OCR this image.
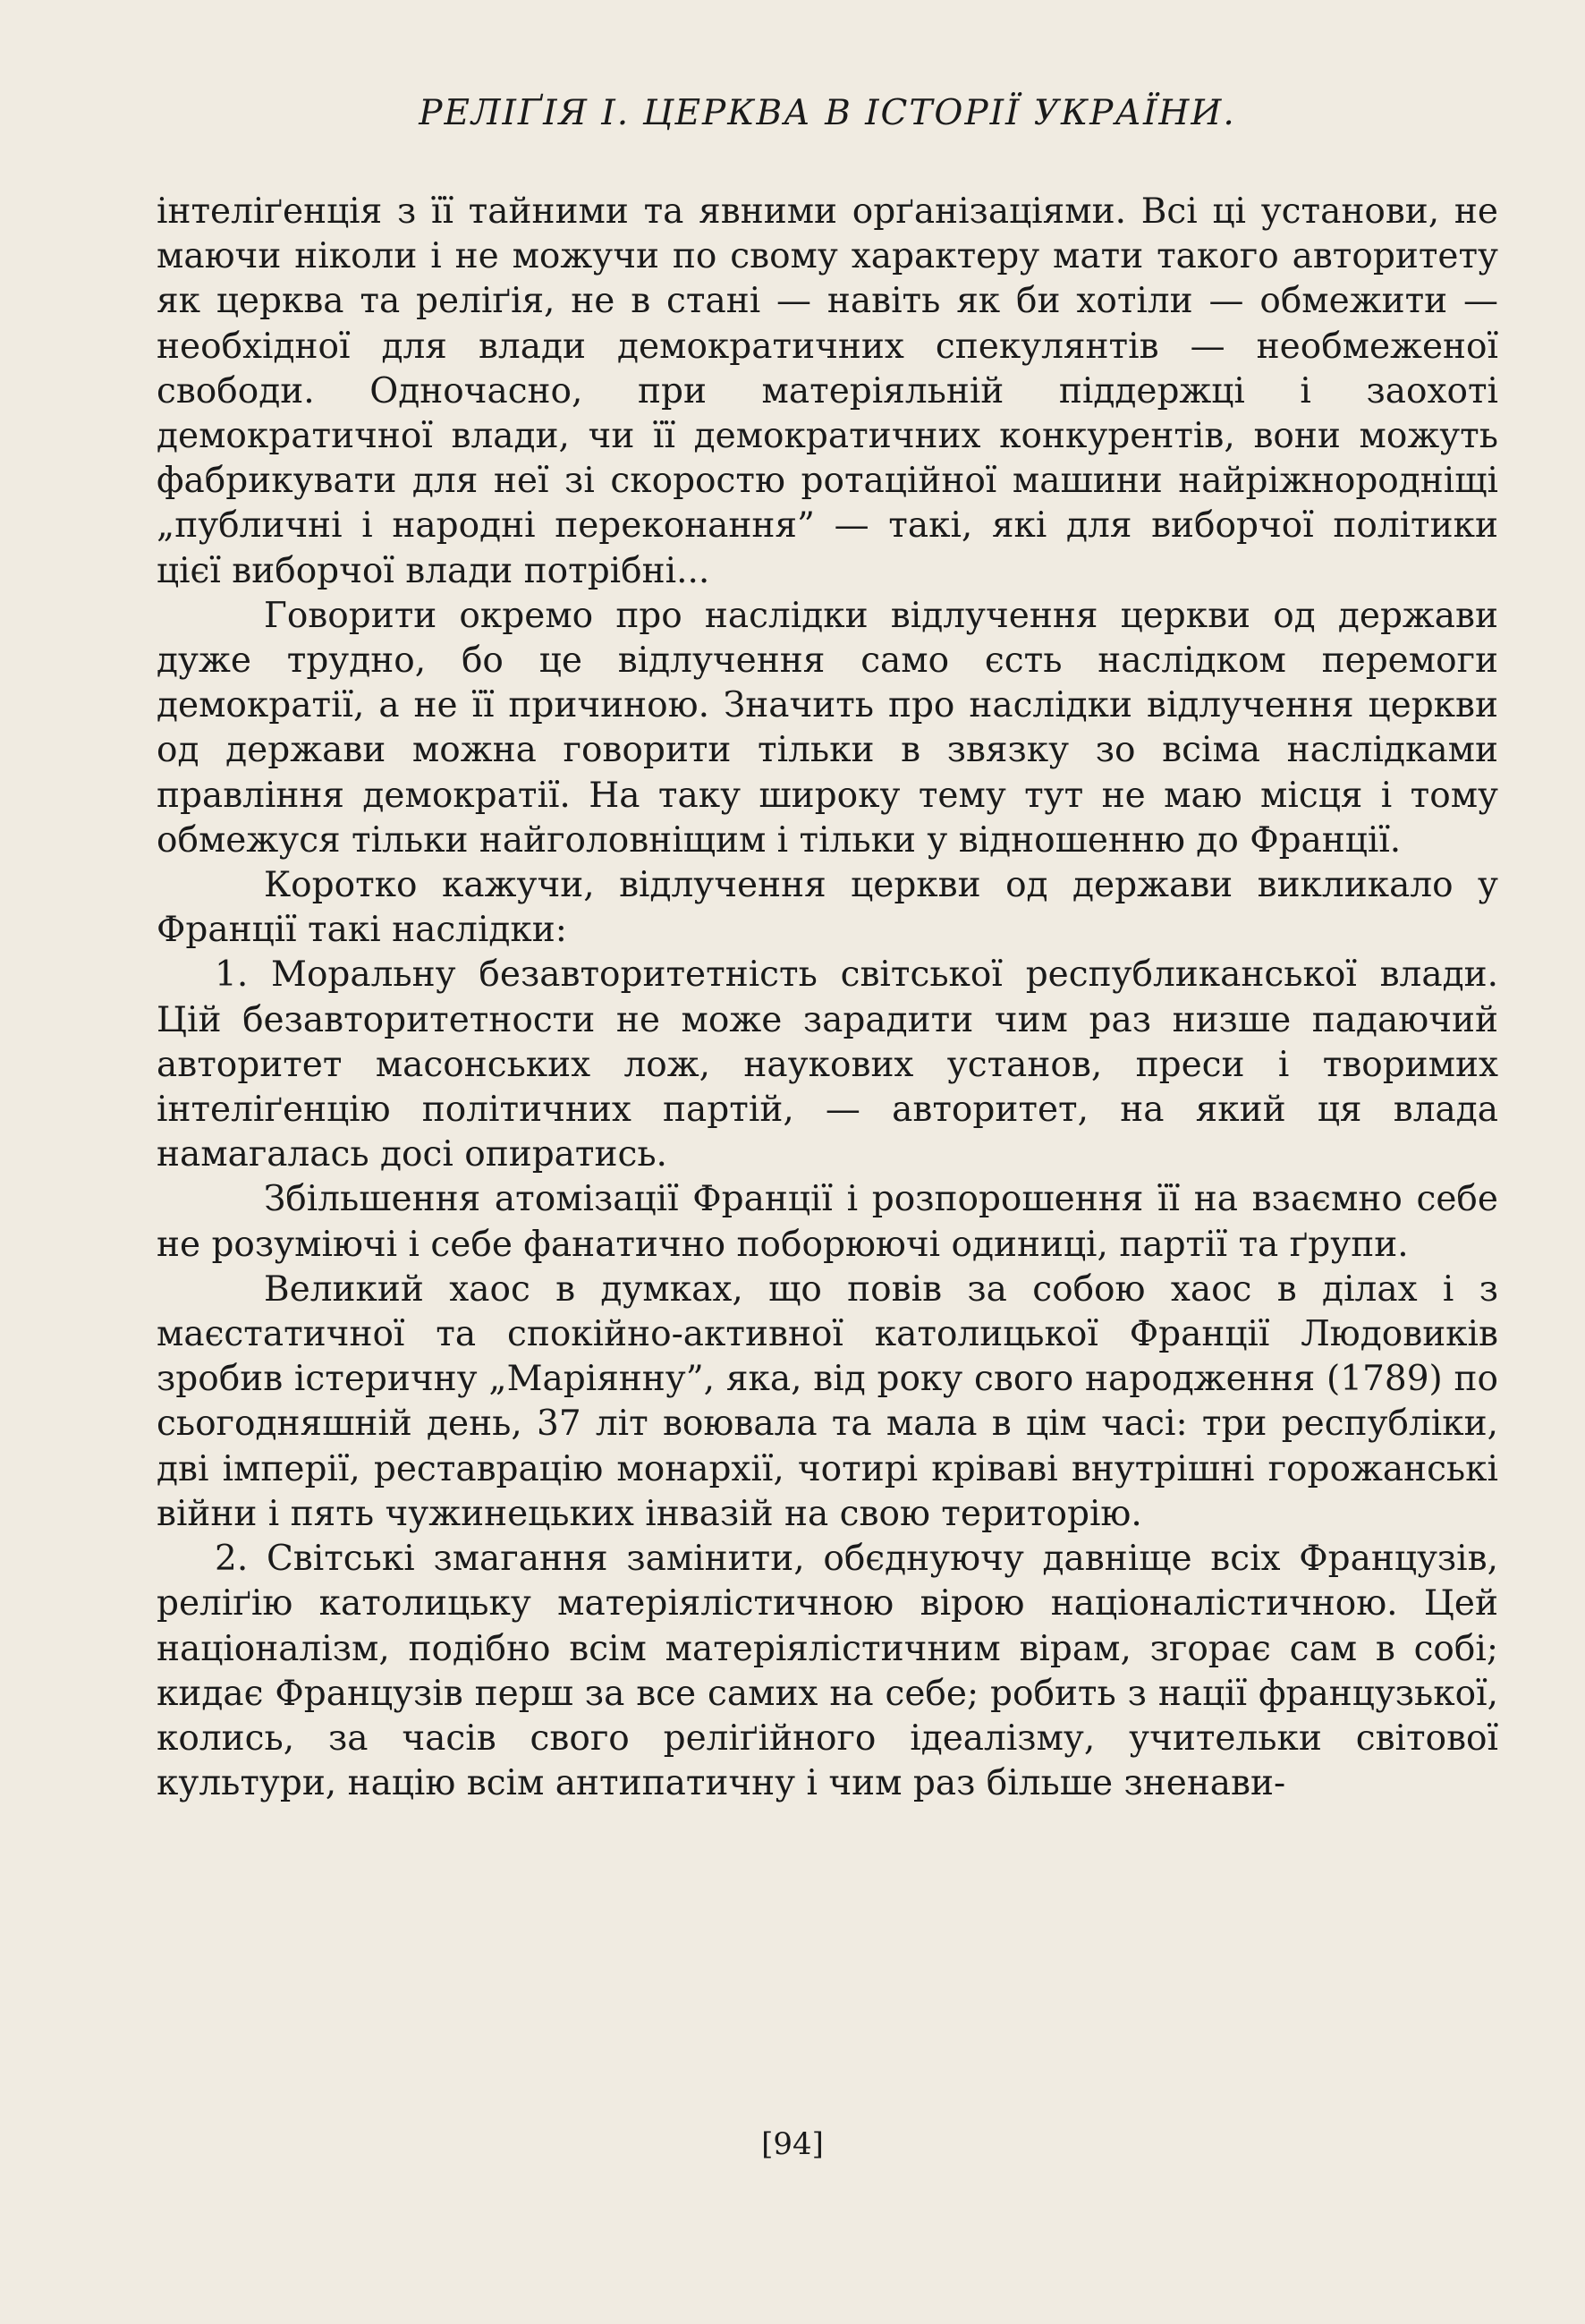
РЕЛІҐІЯ І. ЦЕРКВА В ІСТОРІЇ УКРАЇНИ.

інтеліґенція з її тайними та явними орґанізаціями. Всі ці установи, не маючи ніколи і не можучи по свому характеру мати такого авторитету як церква та реліґія, не в стані — навіть як би хотіли — обмежити — необхідної для влади демократичних спекулянтів — необмеженої свободи. Одночасно, при матеріяльній піддержці і заохоті демократичної влади, чи її демократичних конкурентів, вони можуть фабрикувати для неї зі скоростю ротаційної машини найріжнородніщі „публичні і народні переконання” — такі, які для виборчої політики цієї виборчої влади потрібні...

Говорити окремо про наслідки відлучення церкви од держави дуже трудно, бо це відлучення само єсть наслідком перемоги демократії, а не її причиною. Значить про наслідки відлучення церкви од держави можна говорити тільки в звязку зо всіма наслідками правління демократії. На таку широку тему тут не маю місця і тому обмежуся тільки найголовніщим і тільки у відношенню до Франції.

Коротко кажучи, відлучення церкви од держави викликало у Франції такі наслідки:

1. Моральну безавторитетність світської республиканської влади. Цій безавторитетности не може зарадити чим раз низше падаючий авторитет масонських лож, наукових установ, преси і творимих інтеліґенцію політичних партій, — авторитет, на який ця влада намагалась досі опиратись.

Збільшення атомізації Франції і розпорошення її на взаємно себе не розуміючі і себе фанатично поборюючі одиниці, партії та ґрупи.

Великий хаос в думках, що повів за собою хаос в ділах і з маєстатичної та спокійно-активної католицької Франції Людовиків зробив істеричну „Маріянну”, яка, від року свого народження (1789) по сьогодняшній день, 37 літ воювала та мала в цім часі: три республіки, дві імперії, реставрацію монархії, чотирі кріваві внутрішні горожанські війни і пять чужинецьких інвазій на свою територію.

2. Світські змагання замінити, обєднуючу давніще всіх Французів, реліґію католицьку матеріялістичною вірою націоналістичною. Цей націоналізм, подібно всім матеріялістичним вірам, згорає сам в собі; кидає Французів перш за все самих на себе; робить з нації французької, колись, за часів свого реліґійного ідеалізму, учительки світової культури, націю всім антипатичну і чим раз більше зненави-

[94]
